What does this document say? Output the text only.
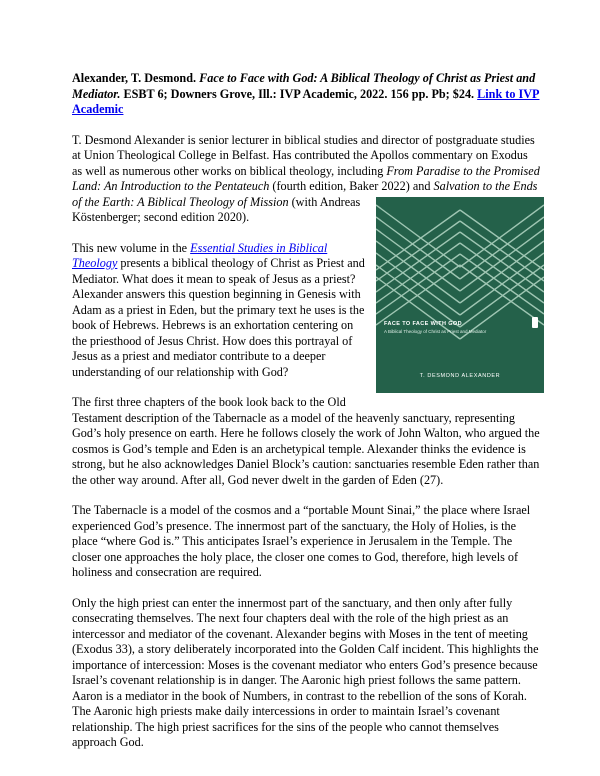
Alexander, T. Desmond. Face to Face with God: A Biblical Theology of Christ as Priest and Mediator. ESBT 6; Downers Grove, Ill.: IVP Academic, 2022. 156 pp. Pb; $24. Link to IVP Academic

T. Desmond Alexander is senior lecturer in biblical studies and director of postgraduate studies at Union Theological College in Belfast. Has contributed the Apollos commentary on Exodus as well as numerous other works on biblical theology, including From Paradise to the Promised Land: An Introduction to the Pentateuch (fourth edition, Baker 2022) and
FACE TO FACE WITH GOD
A Biblical Theology of Christ as Priest and Mediator
T. DESMOND ALEXANDER
Salvation to the Ends of the Earth: A Biblical Theology of Mission (with Andreas Köstenberger; second edition 2020).

This new volume in the Essential Studies in Biblical Theology presents a biblical theology of Christ as Priest and Mediator. What does it mean to speak of Jesus as a priest? Alexander answers this question beginning in Genesis with Adam as a priest in Eden, but the primary text he uses is the book of Hebrews. Hebrews is an exhortation centering on the priesthood of Jesus Christ. How does this portrayal of Jesus as a priest and mediator contribute to a deeper understanding of our relationship with God?

The first three chapters of the book look back to the Old Testament description of the Tabernacle as a model of the heavenly sanctuary, representing God’s holy presence on earth. Here he follows closely the work of John Walton, who argued the cosmos is God’s temple and Eden is an archetypical temple. Alexander thinks the evidence is strong, but he also acknowledges Daniel Block’s caution: sanctuaries resemble Eden rather than the other way around. After all, God never dwelt in the garden of Eden (27).

The Tabernacle is a model of the cosmos and a “portable Mount Sinai,” the place where Israel experienced God’s presence. The innermost part of the sanctuary, the Holy of Holies, is the place “where God is.” This anticipates Israel’s experience in Jerusalem in the Temple. The closer one approaches the holy place, the closer one comes to God, therefore, high levels of holiness and consecration are required.

Only the high priest can enter the innermost part of the sanctuary, and then only after fully consecrating themselves. The next four chapters deal with the role of the high priest as an intercessor and mediator of the covenant. Alexander begins with Moses in the tent of meeting (Exodus 33), a story deliberately incorporated into the Golden Calf incident. This highlights the importance of intercession: Moses is the covenant mediator who enters God’s presence because Israel’s covenant relationship is in danger. The Aaronic high priest follows the same pattern. Aaron is a mediator in the book of Numbers, in contrast to the rebellion of the sons of Korah. The Aaronic high priests make daily intercessions in order to maintain Israel’s covenant relationship. The high priest sacrifices for the sins of the people who cannot themselves approach God.
